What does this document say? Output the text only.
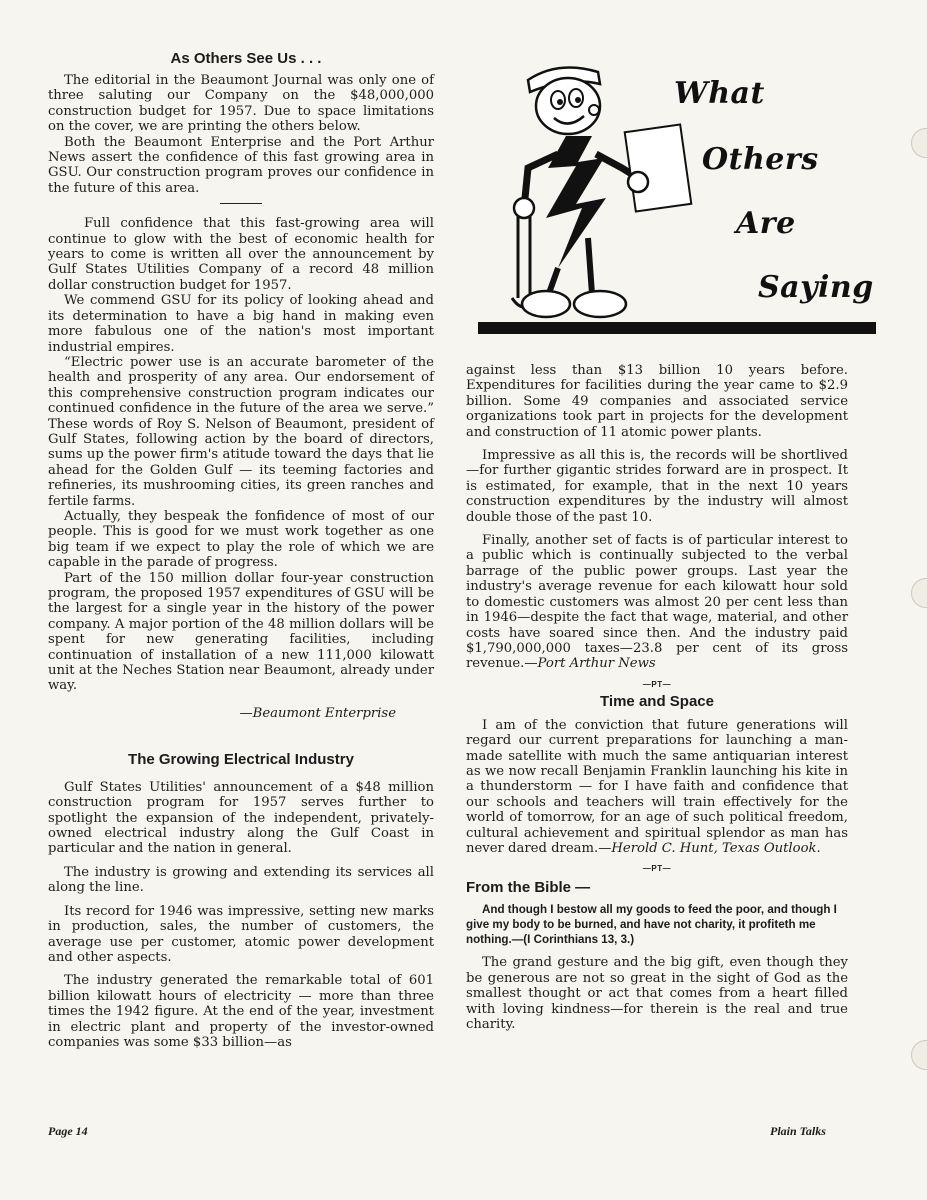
As Others See Us . . .

The editorial in the Beaumont Journal was only one of three saluting our Company on the $48,000,000 construction budget for 1957. Due to space limitations on the cover, we are printing the others below.

Both the Beaumont Enterprise and the Port Arthur News assert the confidence of this fast growing area in GSU. Our construction program proves our confidence in the future of this area.

Full confidence that this fast-growing area will continue to glow with the best of economic health for years to come is written all over the announcement by Gulf States Utilities Company of a record 48 million dollar construction budget for 1957.

We commend GSU for its policy of looking ahead and its determination to have a big hand in making even more fabulous one of the nation's most important industrial empires.

“Electric power use is an accurate barometer of the health and prosperity of any area. Our endorsement of this comprehensive construction program indicates our continued confidence in the future of the area we serve.” These words of Roy S. Nelson of Beaumont, president of Gulf States, following action by the board of directors, sums up the power firm's atitude toward the days that lie ahead for the Golden Gulf — its teeming factories and refineries, its mushrooming cities, its green ranches and fertile farms.

Actually, they bespeak the fonfidence of most of our people. This is good for we must work together as one big team if we expect to play the role of which we are capable in the parade of progress.

Part of the 150 million dollar four-year construction program, the proposed 1957 expenditures of GSU will be the largest for a single year in the history of the power company. A major portion of the 48 million dollars will be spent for new generating facilities, including continuation of installation of a new 111,000 kilowatt unit at the Neches Station near Beaumont, already under way.

—Beaumont Enterprise
The Growing Electrical Industry

Gulf States Utilities' announcement of a $48 million construction program for 1957 serves further to spotlight the expansion of the independent, privately-owned electrical industry along the Gulf Coast in particular and the nation in general.

The industry is growing and extending its services all along the line.

Its record for 1946 was impressive, setting new marks in production, sales, the number of customers, the average use per customer, atomic power development and other aspects.

The industry generated the remarkable total of 601 billion kilowatt hours of electricity — more than three times the 1942 figure. At the end of the year, investment in electric plant and property of the investor-owned companies was some $33 billion—as

What
Others
Are
Saying

against less than $13 billion 10 years before. Expenditures for facilities during the year came to $2.9 billion. Some 49 companies and associated service organizations took part in projects for the development and construction of 11 atomic power plants.

Impressive as all this is, the records will be shortlived—for further gigantic strides forward are in prospect. It is estimated, for example, that in the next 10 years construction expenditures by the industry will almost double those of the past 10.

Finally, another set of facts is of particular interest to a public which is continually subjected to the verbal barrage of the public power groups. Last year the industry's average revenue for each kilowatt hour sold to domestic customers was almost 20 per cent less than in 1946—despite the fact that wage, material, and other costs have soared since then. And the industry paid $1,790,000,000 taxes—23.8 per cent of its gross revenue.—Port Arthur News

—PT—
Time and Space

I am of the conviction that future generations will regard our current preparations for launching a man-made satellite with much the same antiquarian interest as we now recall Benjamin Franklin launching his kite in a thunderstorm — for I have faith and confidence that our schools and teachers will train effectively for the world of tomorrow, for an age of such political freedom, cultural achievement and spiritual splendor as man has never dared dream.—Herold C. Hunt, Texas Outlook.

—PT—
From the Bible —

And though I bestow all my goods to feed the poor, and though I give my body to be burned, and have not charity, it profiteth me nothing.—(I Corinthians 13, 3.)

The grand gesture and the big gift, even though they be generous are not so great in the sight of God as the smallest thought or act that comes from a heart filled with loving kindness—for therein is the real and true charity.

Page 14	Plain Talks
